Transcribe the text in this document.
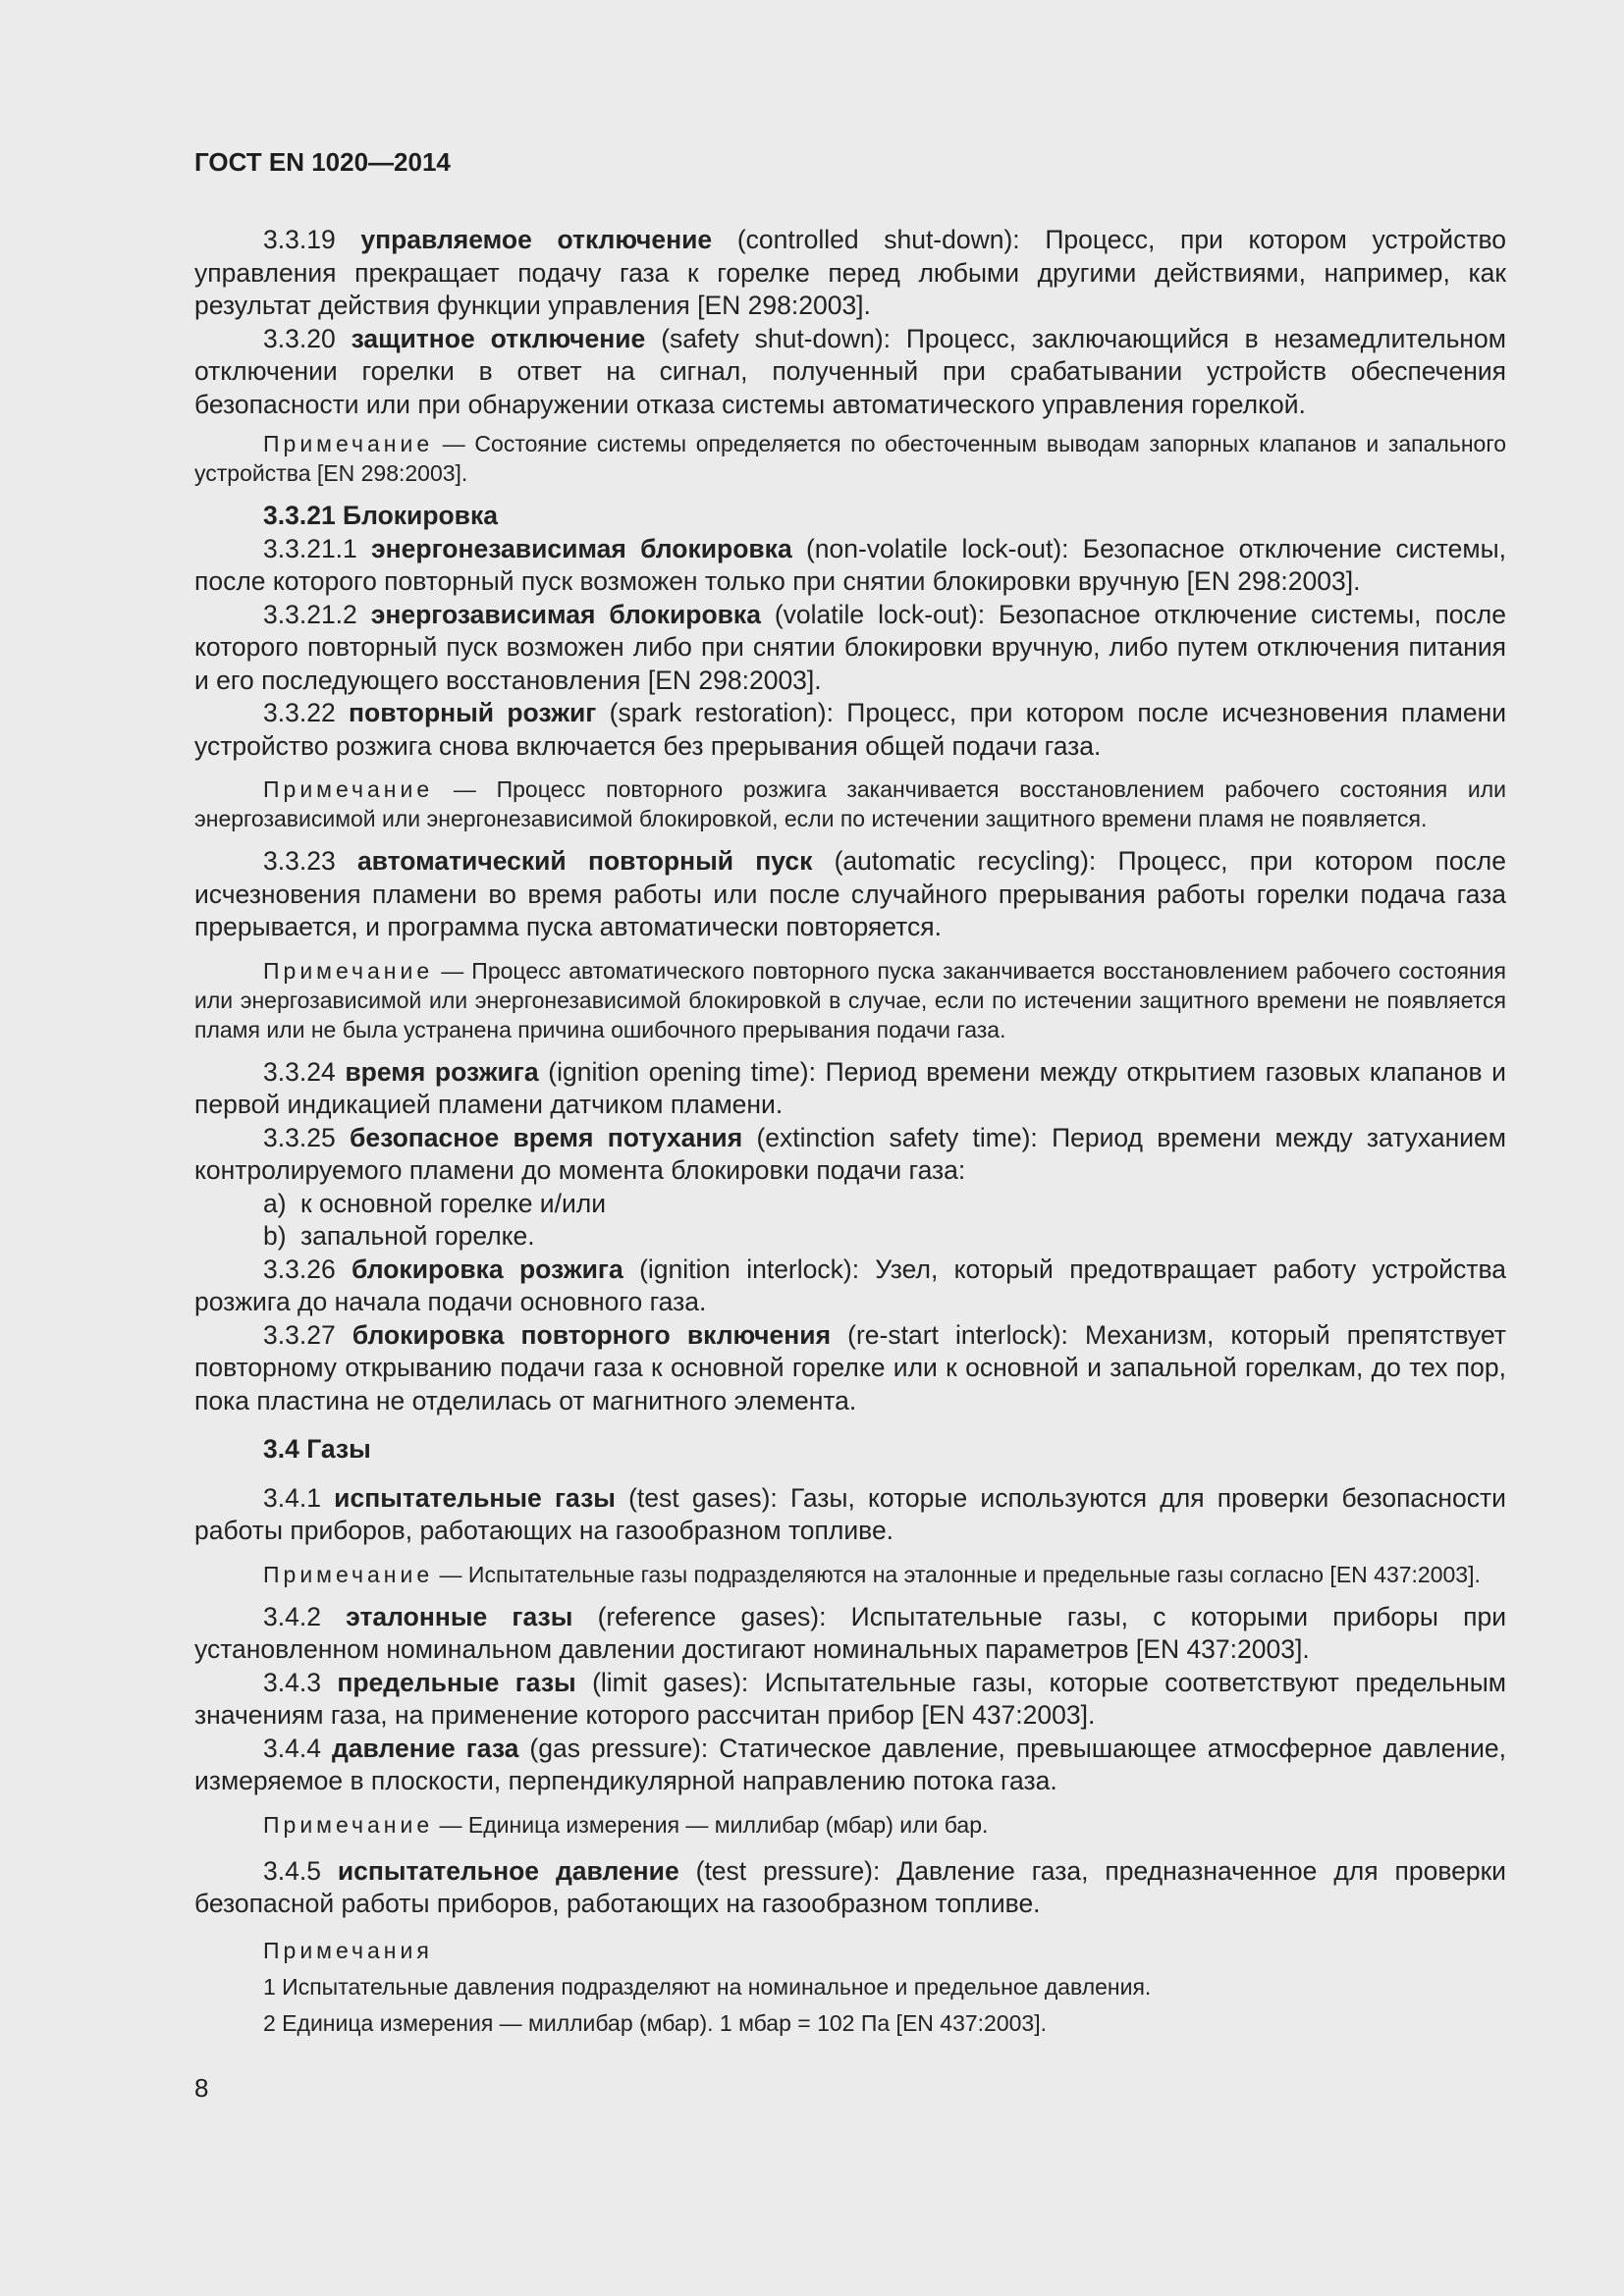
ГОСТ EN 1020—2014

3.3.19 управляемое отключение (controlled shut-down): Процесс, при котором устройство управления прекращает подачу газа к горелке перед любыми другими действиями, например, как результат действия функции управления [EN 298:2003].

3.3.20 защитное отключение (safety shut-down): Процесс, заключающийся в незамедлительном отключении горелки в ответ на сигнал, полученный при срабатывании устройств обеспечения безопасности или при обнаружении отказа системы автоматического управления горелкой.

Примечание — Состояние системы определяется по обесточенным выводам запорных клапанов и запального устройства [EN 298:2003].

3.3.21 Блокировка

3.3.21.1 энергонезависимая блокировка (non-volatile lock-out): Безопасное отключение системы, после которого повторный пуск возможен только при снятии блокировки вручную [EN 298:2003].

3.3.21.2 энергозависимая блокировка (volatile lock-out): Безопасное отключение системы, после которого повторный пуск возможен либо при снятии блокировки вручную, либо путем отключения питания и его последующего восстановления [EN 298:2003].

3.3.22 повторный розжиг (spark restoration): Процесс, при котором после исчезновения пламени устройство розжига снова включается без прерывания общей подачи газа.

Примечание — Процесс повторного розжига заканчивается восстановлением рабочего состояния или энергозависимой или энергонезависимой блокировкой, если по истечении защитного времени пламя не появляется.

3.3.23 автоматический повторный пуск (automatic recycling): Процесс, при котором после исчезновения пламени во время работы или после случайного прерывания работы горелки подача газа прерывается, и программа пуска автоматически повторяется.

Примечание — Процесс автоматического повторного пуска заканчивается восстановлением рабочего состояния или энергозависимой или энергонезависимой блокировкой в случае, если по истечении защитного времени не появляется пламя или не была устранена причина ошибочного прерывания подачи газа.

3.3.24 время розжига (ignition opening time): Период времени между открытием газовых клапанов и первой индикацией пламени датчиком пламени.

3.3.25 безопасное время потухания (extinction safety time): Период времени между затуханием контролируемого пламени до момента блокировки подачи газа:

a) к основной горелке и/или

b) запальной горелке.

3.3.26 блокировка розжига (ignition interlock): Узел, который предотвращает работу устройства розжига до начала подачи основного газа.

3.3.27 блокировка повторного включения (re-start interlock): Механизм, который препятствует повторному открыванию подачи газа к основной горелке или к основной и запальной горелкам, до тех пор, пока пластина не отделилась от магнитного элемента.

3.4 Газы

3.4.1 испытательные газы (test gases): Газы, которые используются для проверки безопасности работы приборов, работающих на газообразном топливе.

Примечание — Испытательные газы подразделяются на эталонные и предельные газы согласно [EN 437:2003].

3.4.2 эталонные газы (reference gases): Испытательные газы, с которыми приборы при установленном номинальном давлении достигают номинальных параметров [EN 437:2003].

3.4.3 предельные газы (limit gases): Испытательные газы, которые соответствуют предельным значениям газа, на применение которого рассчитан прибор [EN 437:2003].

3.4.4 давление газа (gas pressure): Статическое давление, превышающее атмосферное давление, измеряемое в плоскости, перпендикулярной направлению потока газа.

Примечание — Единица измерения — миллибар (мбар) или бар.

3.4.5 испытательное давление (test pressure): Давление газа, предназначенное для проверки безопасной работы приборов, работающих на газообразном топливе.

Примечания

1 Испытательные давления подразделяют на номинальное и предельное давления.

2 Единица измерения — миллибар (мбар). 1 мбар = 102 Па [EN 437:2003].

8
